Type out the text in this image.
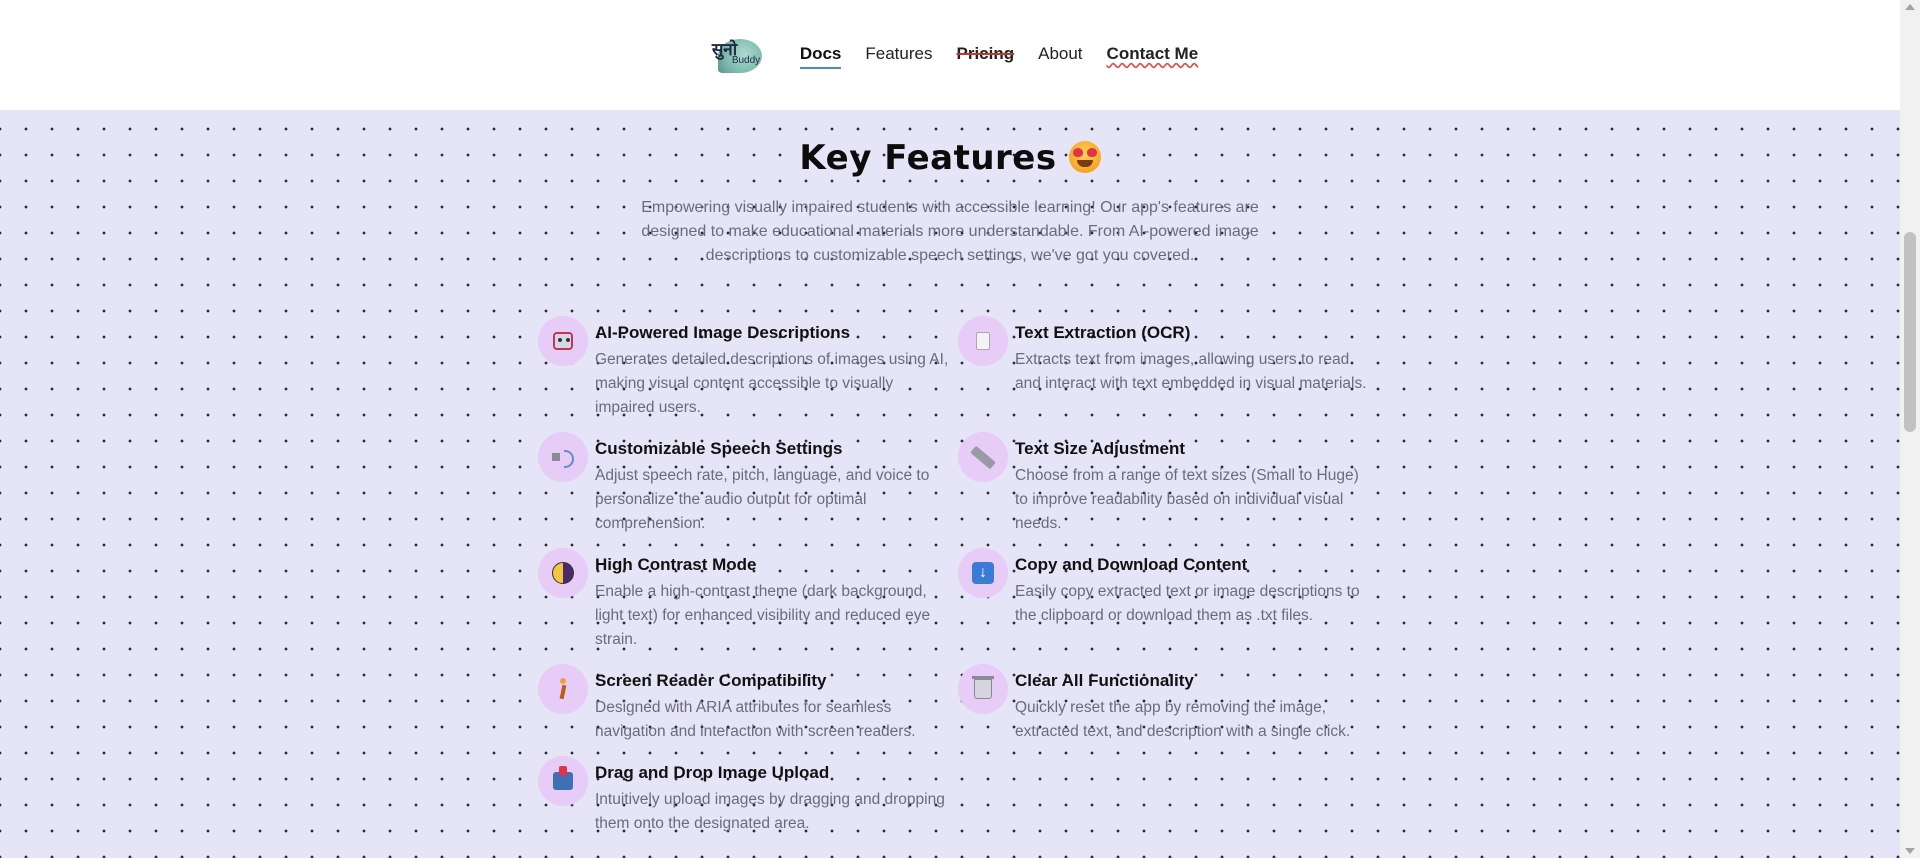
सुनो
Buddy Docs Features Pricing About Contact Me
Key Features
Empowering visually impaired students with accessible learning! Our app's features are designed to make educational materials more understandable. From AI-powered image descriptions to customizable speech settings, we've got you covered.
AI-Powered Image Descriptions
Generates detailed descriptions of images using AI, making visual content accessible to visually impaired users.
Text Extraction (OCR)
Extracts text from images, allowing users to read and interact with text embedded in visual materials.
Customizable Speech Settings
Adjust speech rate, pitch, language, and voice to personalize the audio output for optimal comprehension.
Text Size Adjustment
Choose from a range of text sizes (Small to Huge) to improve readability based on individual visual needs.
High Contrast Mode
Enable a high-contrast theme (dark background, light text) for enhanced visibility and reduced eye strain.
↓	Copy and Download Content
Easily copy extracted text or image descriptions to the clipboard or download them as .txt files.
Screen Reader Compatibility
Designed with ARIA attributes for seamless navigation and interaction with screen readers.
Clear All Functionality
Quickly reset the app by removing the image, extracted text, and description with a single click.
Drag and Drop Image Upload
Intuitively upload images by dragging and dropping them onto the designated area.
